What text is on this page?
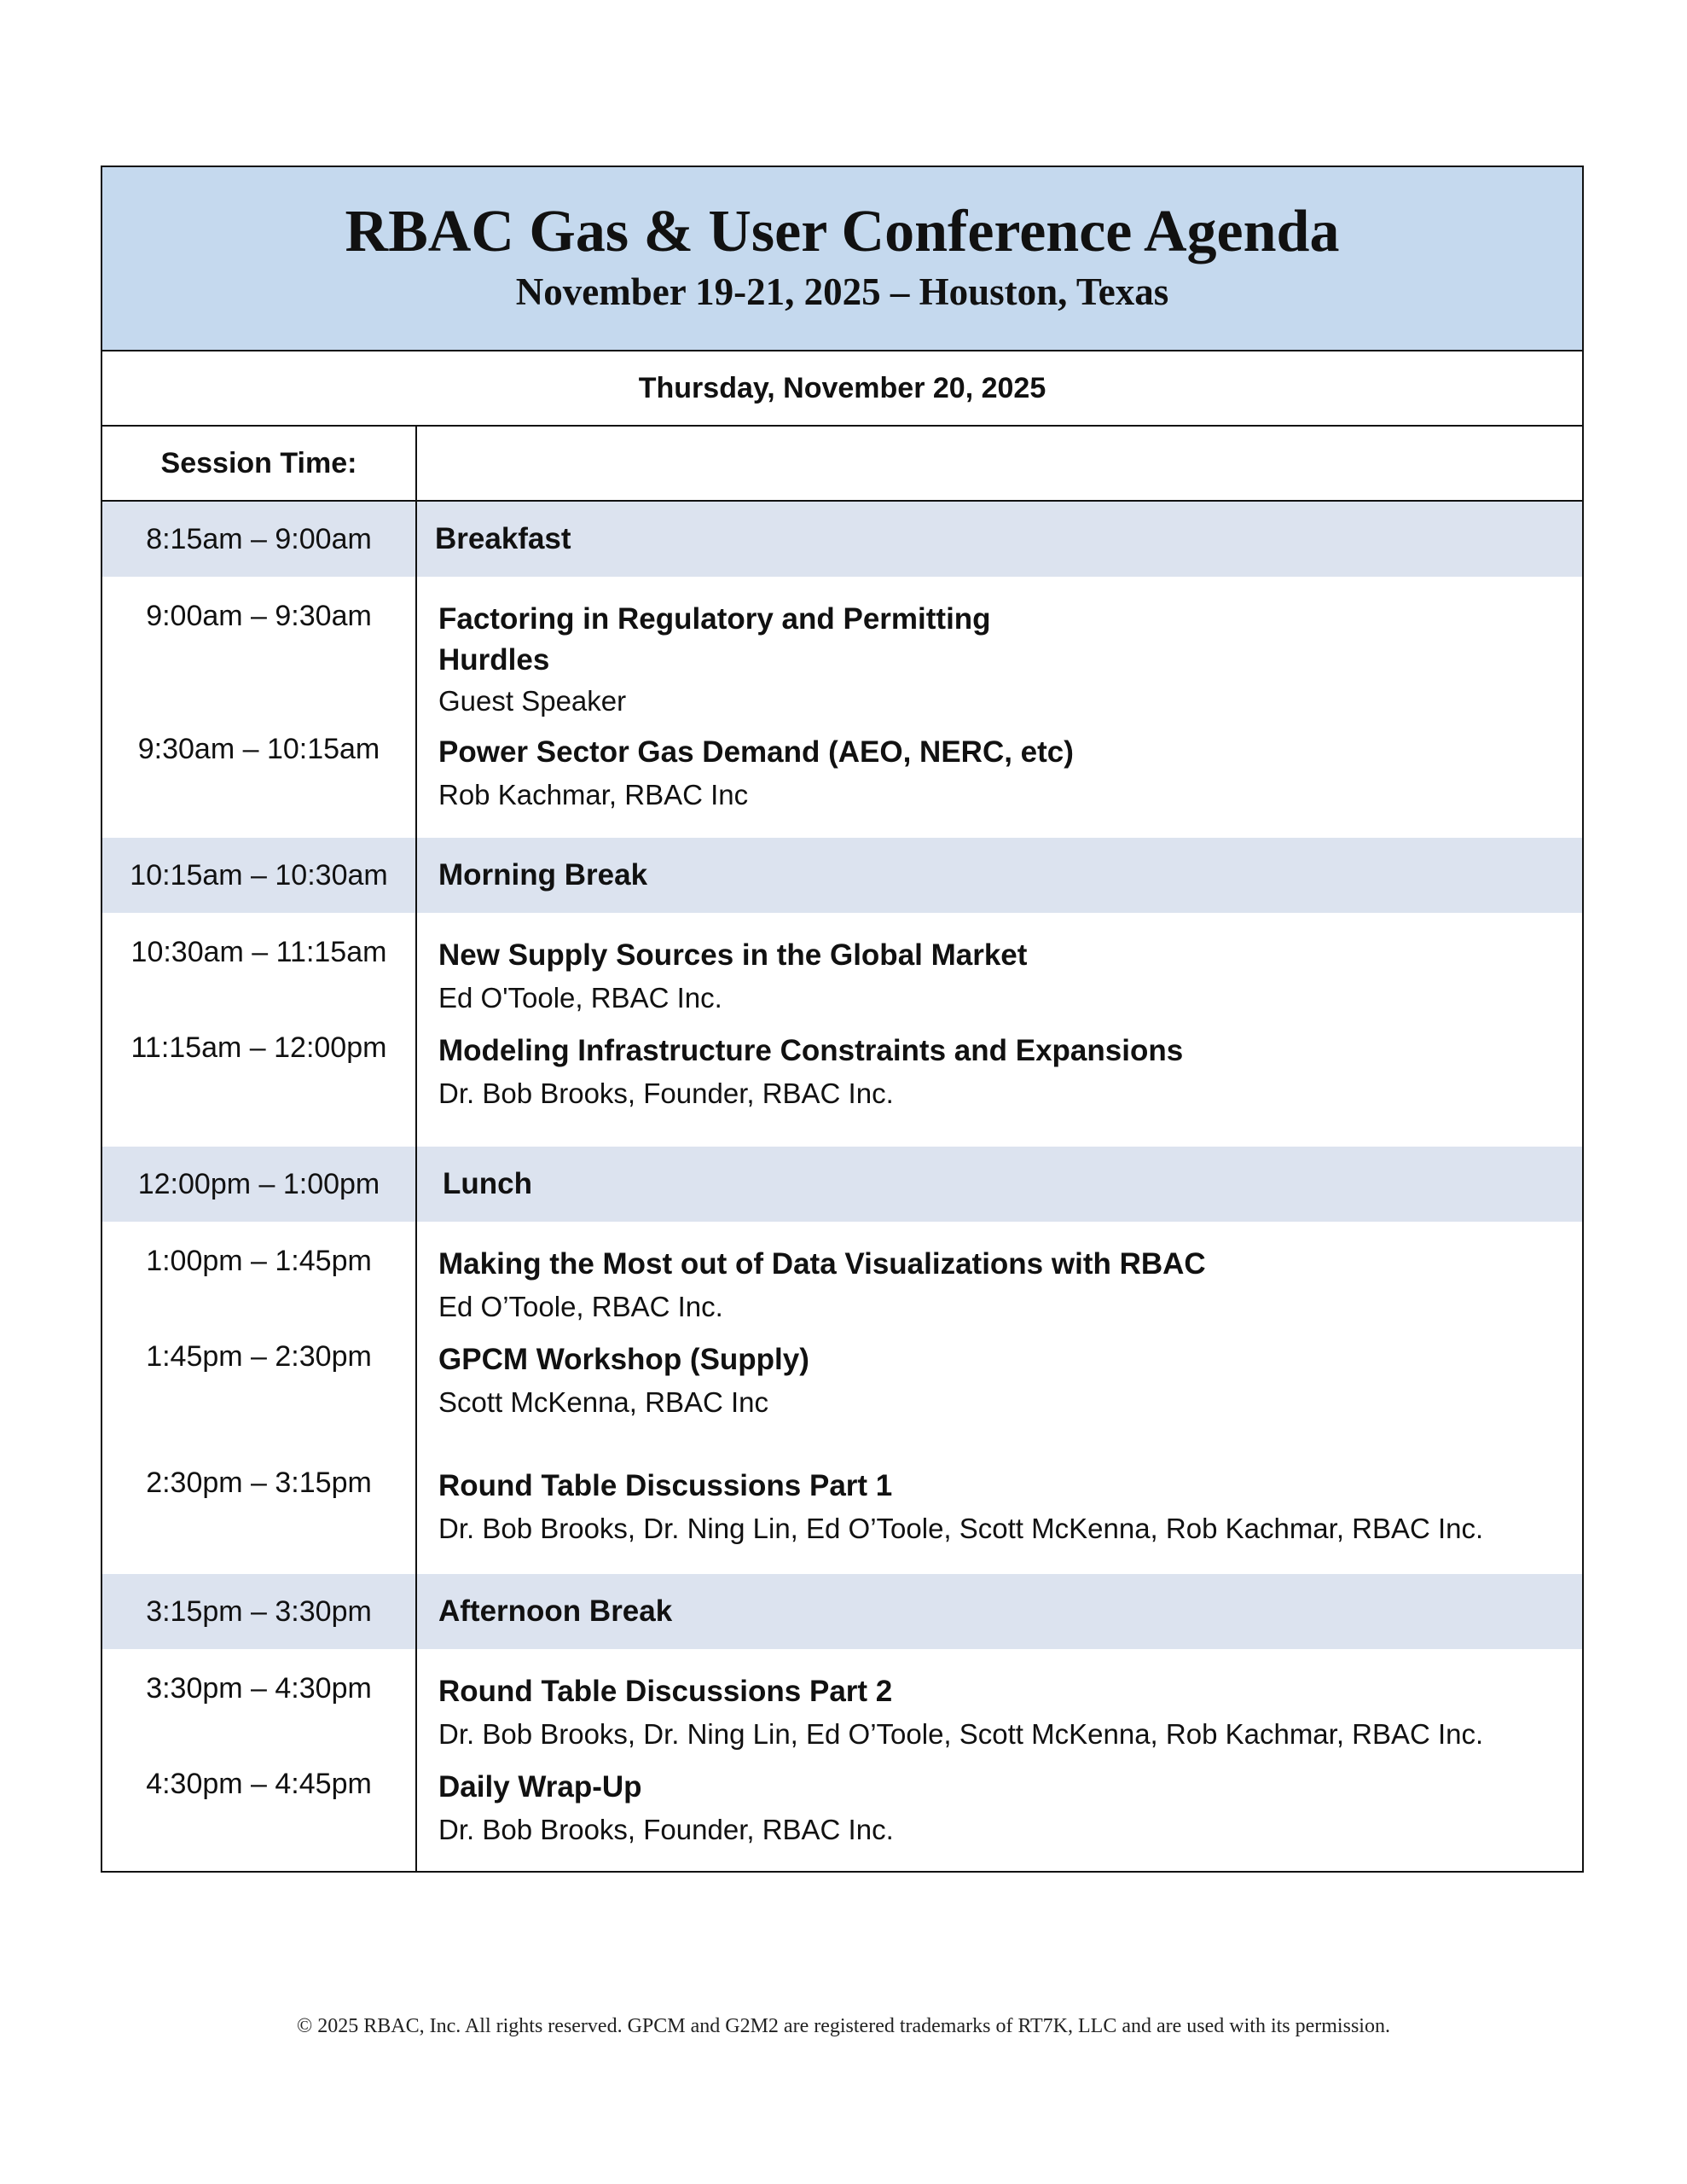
RBAC Gas & User Conference Agenda
November 19-21, 2025 – Houston, Texas
Thursday, November 20, 2025
Session Time:
8:15am – 9:00am	Breakfast
9:00am – 9:30am	Factoring in Regulatory and Permitting
Hurdles
Guest Speaker
9:30am – 10:15am	Power Sector Gas Demand (AEO, NERC, etc)
Rob Kachmar, RBAC Inc
10:15am – 10:30am	Morning Break
10:30am – 11:15am	New Supply Sources in the Global Market
Ed O'Toole, RBAC Inc.
11:15am – 12:00pm	Modeling Infrastructure Constraints and Expansions
Dr. Bob Brooks, Founder, RBAC Inc.
12:00pm – 1:00pm	Lunch
1:00pm – 1:45pm	Making the Most out of Data Visualizations with RBAC
Ed O’Toole, RBAC Inc.
1:45pm – 2:30pm	GPCM Workshop (Supply)
Scott McKenna, RBAC Inc
2:30pm – 3:15pm	Round Table Discussions Part 1
Dr. Bob Brooks, Dr. Ning Lin, Ed O’Toole, Scott McKenna, Rob Kachmar, RBAC Inc.
3:15pm – 3:30pm	Afternoon Break
3:30pm – 4:30pm	Round Table Discussions Part 2
Dr. Bob Brooks, Dr. Ning Lin, Ed O’Toole, Scott McKenna, Rob Kachmar, RBAC Inc.
4:30pm – 4:45pm	Daily Wrap-Up
Dr. Bob Brooks, Founder, RBAC Inc.
© 2025 RBAC, Inc. All rights reserved. GPCM and G2M2 are registered trademarks of RT7K, LLC and are used with its permission.
